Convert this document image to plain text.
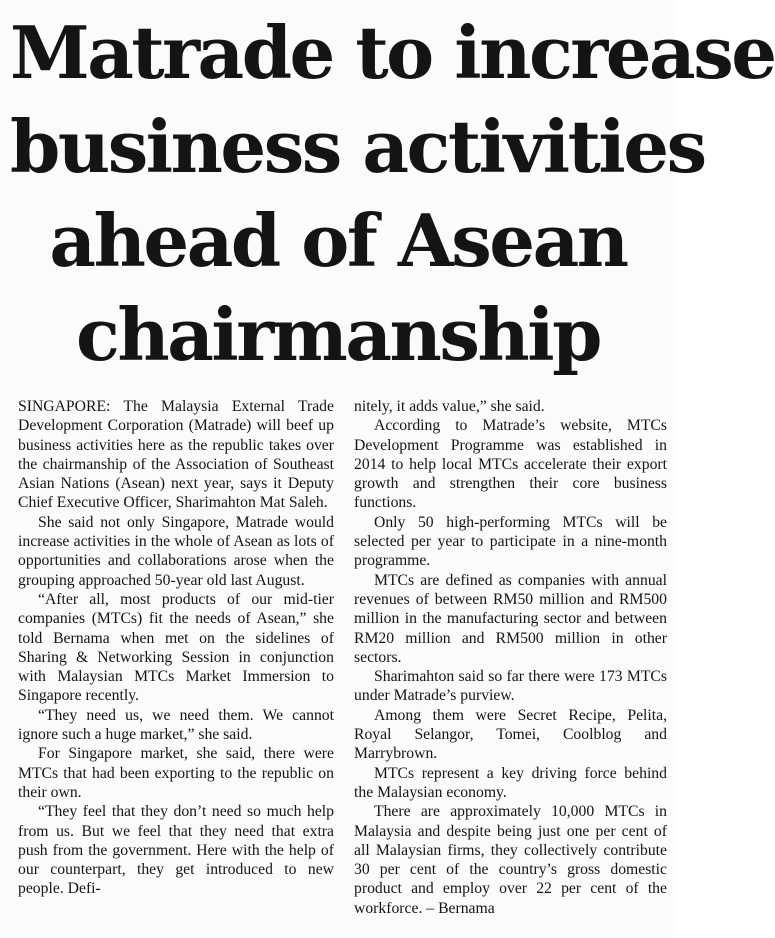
Matrade to increase
business activities
ahead of Asean
chairmanship

SINGAPORE: The Malaysia External Trade Development Corporation (Matrade) will beef up business activities here as the republic takes over the chairmanship of the Association of Southeast Asian Nations (Asean) next year, says it Deputy Chief Executive Officer, Sharimahton Mat Saleh.

She said not only Singapore, Matrade would increase activities in the whole of Asean as lots of opportunities and collaborations arose when the grouping approached 50-year old last August.

“After all, most products of our mid-tier companies (MTCs) fit the needs of Asean,” she told Bernama when met on the sidelines of Sharing & Networking Session in conjunction with Malaysian MTCs Market Immersion to Singapore recently.

“They need us, we need them. We cannot ignore such a huge market,” she said.

For Singapore market, she said, there were MTCs that had been exporting to the republic on their own.

“They feel that they don’t need so much help from us. But we feel that they need that extra push from the government. Here with the help of our counterpart, they get introduced to new people. Defi-

nitely, it adds value,” she said.

According to Matrade’s website, MTCs Development Programme was established in 2014 to help local MTCs accelerate their export growth and strengthen their core business functions.

Only 50 high-performing MTCs will be selected per year to participate in a nine-month programme.

MTCs are defined as companies with annual revenues of between RM50 million and RM500 million in the manufacturing sector and between RM20 million and RM500 million in other sectors.

Sharimahton said so far there were 173 MTCs under Matrade’s purview.

Among them were Secret Recipe, Pelita, Royal Selangor, Tomei, Coolblog and Marrybrown.

MTCs represent a key driving force behind the Malaysian economy.

There are approximately 10,000 MTCs in Malaysia and despite being just one per cent of all Malaysian firms, they collectively contribute 30 per cent of the country’s gross domestic product and employ over 22 per cent of the workforce. – Bernama
